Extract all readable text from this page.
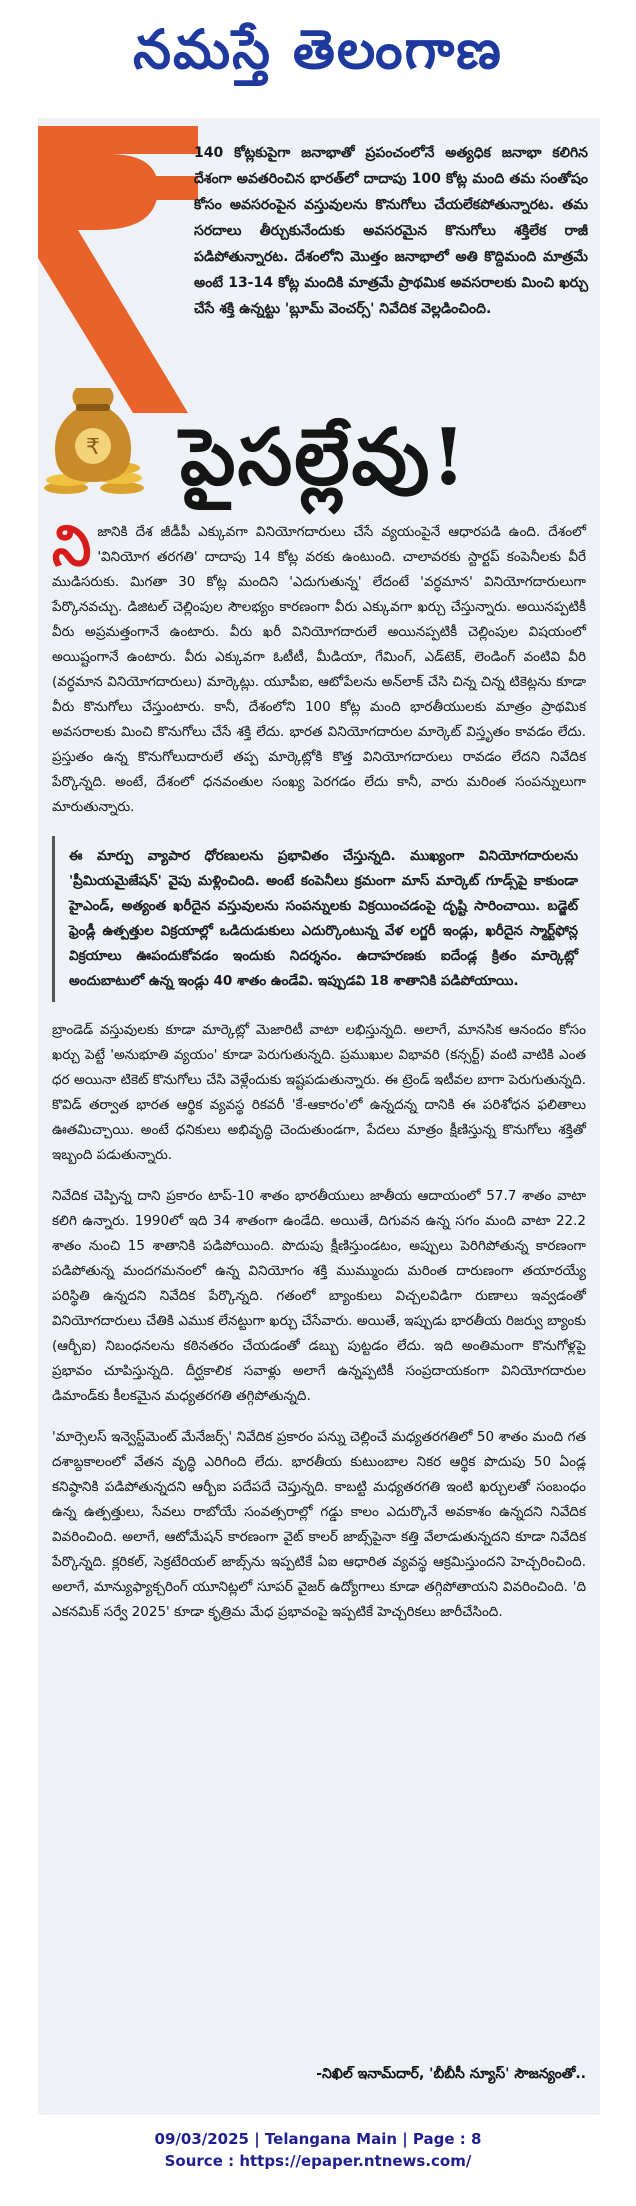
నమస్తే తెలంగాణ
140 కోట్లకుపైగా జనాభాతో ప్రపంచంలోనే అత్యధిక జనాభా కలిగిన దేశంగా అవతరించిన భారత్‌లో దాదాపు 100 కోట్ల మంది తమ సంతోషం కోసం అవసరంపైన వస్తువులను కొనుగోలు చేయలేకపోతున్నారట. తమ సరదాలు తీర్చుకునేందుకు అవసరమైన కొనుగోలు శక్తిలేక రాజీ పడిపోతున్నారట. దేశంలోని మొత్తం జనాభాలో అతి కొద్దిమంది మాత్రమే అంటే 13-14 కోట్ల మందికి మాత్రమే ప్రాథమిక అవసరాలకు మించి ఖర్చు చేసే శక్తి ఉన్నట్టు 'బ్లూమ్ వెంచర్స్' నివేదిక వెల్లడించింది.
₹ పైసల్లేవు!

నిజానికి దేశ జీడీపీ ఎక్కువగా వినియోగదారులు చేసే వ్యయంపైనే ఆధారపడి ఉంది. దేశంలో 'వినియోగ తరగతి' దాదాపు 14 కోట్ల వరకు ఉంటుంది. చాలావరకు స్టార్టప్ కంపెనీలకు వీరే ముడిసరుకు. మిగతా 30 కోట్ల మందిని 'ఎదుగుతున్న' లేదంటే 'వర్ధమాన' వినియోగదారులుగా పేర్కొనవచ్చు. డిజిటల్ చెల్లింపుల సౌలభ్యం కారణంగా వీరు ఎక్కువగా ఖర్చు చేస్తున్నారు. అయినప్పటికీ వీరు అప్రమత్తంగానే ఉంటారు. వీరు ఖరీ వినియోగదారులే అయినప్పటికీ చెల్లింపుల విషయంలో అయిష్టంగానే ఉంటారు. వీరు ఎక్కువగా ఓటీటీ, మీడియా, గేమింగ్, ఎడ్‌టెక్, లెండింగ్ వంటివి వీరి (వర్ధమాన వినియోగదారులు) మార్కెట్లు. యూపీఐ, ఆటోపేలను అన్‌లాక్ చేసి చిన్న చిన్న టికెట్లను కూడా వీరు కొనుగోలు చేస్తుంటారు. కానీ, దేశంలోని 100 కోట్ల మంది భారతీయులకు మాత్రం ప్రాథమిక అవసరాలకు మించి కొనుగోలు చేసే శక్తి లేదు. భారత వినియోగదారుల మార్కెట్ విస్తృతం కావడం లేదు. ప్రస్తుతం ఉన్న కొనుగోలుదారులే తప్ప మార్కెట్లోకి కొత్త వినియోగదారులు రావడం లేదని నివేదిక పేర్కొన్నది. అంటే, దేశంలో ధనవంతుల సంఖ్య పెరగడం లేదు కానీ, వారు మరింత సంపన్నులుగా మారుతున్నారు.

ఈ మార్పు వ్యాపార ధోరణులను ప్రభావితం చేస్తున్నది. ముఖ్యంగా వినియోగదారులను 'ప్రీమియమైజేషన్' వైపు మళ్లించింది. అంటే కంపెనీలు క్రమంగా మాస్ మార్కెట్ గూడ్స్‌పై కాకుండా హైఎండ్, అత్యంత ఖరీదైన వస్తువులను సంపన్నులకు విక్రయించడంపై దృష్టి సారించాయి. బడ్జెట్ ఫ్రెండ్లీ ఉత్పత్తుల విక్రయాల్లో ఒడిదుడుకులు ఎదుర్కొంటున్న వేళ లగ్జరీ ఇండ్లు, ఖరీదైన స్మార్ట్‌ఫోన్ల విక్రయాలు ఊపందుకోవడం ఇందుకు నిదర్శనం. ఉదాహరణకు ఐదేండ్ల క్రితం మార్కెట్లో అందుబాటులో ఉన్న ఇండ్లు 40 శాతం ఉండేవి. ఇప్పుడవి 18 శాతానికి పడిపోయాయి.

బ్రాండెడ్ వస్తువులకు కూడా మార్కెట్లో మెజారిటీ వాటా లభిస్తున్నది. అలాగే, మానసిక ఆనందం కోసం ఖర్చు పెట్టే 'అనుభూతి వ్యయం' కూడా పెరుగుతున్నది. ప్రముఖుల విభావరి (కన్సర్ట్) వంటి వాటికి ఎంత ధర అయినా టికెట్ కొనుగోలు చేసి వెళ్లేందుకు ఇష్టపడుతున్నారు. ఈ ట్రెండ్ ఇటీవల బాగా పెరుగుతున్నది. కొవిడ్ తర్వాత భారత ఆర్థిక వ్యవస్థ రికవరీ 'కే-ఆకారం'లో ఉన్నదన్న దానికి ఈ పరిశోధన ఫలితాలు ఊతమిచ్చాయి. అంటే ధనికులు అభివృద్ధి చెందుతుండగా, పేదలు మాత్రం క్షీణిస్తున్న కొనుగోలు శక్తితో ఇబ్బంది పడుతున్నారు.

నివేదిక చెప్పిన్న దాని ప్రకారం టాప్-10 శాతం భారతీయులు జాతీయ ఆదాయంలో 57.7 శాతం వాటా కలిగి ఉన్నారు. 1990లో ఇది 34 శాతంగా ఉండేది. అయితే, దిగువన ఉన్న సగం మంది వాటా 22.2 శాతం నుంచి 15 శాతానికి పడిపోయింది. పొదుపు క్షీణిస్తుండటం, అప్పులు పెరిగిపోతున్న కారణంగా పడిపోతున్న మందగమనంలో ఉన్న వినియోగం శక్తి ముమ్ముందు మరింత దారుణంగా తయారయ్యే పరిస్థితి ఉన్నదని నివేదిక పేర్కొన్నది. గతంలో బ్యాంకులు విచ్చలవిడిగా రుణాలు ఇవ్వడంతో వినియోగదారులు చేతికి ఎముక లేనట్టుగా ఖర్చు చేసేవారు. అయితే, ఇప్పుడు భారతీయ రిజర్వు బ్యాంకు (ఆర్బీఐ) నిబంధనలను కఠినతరం చేయడంతో డబ్బు పుట్టడం లేదు. ఇది అంతిమంగా కొనుగోళ్లపై ప్రభావం చూపిస్తున్నది. దీర్ఘకాలిక సవాళ్లు అలాగే ఉన్నప్పటికీ సంప్రదాయకంగా వినియోగదారుల డిమాండ్‌కు కీలకమైన మధ్యతరగతి తగ్గిపోతున్నది.

'మార్సెలస్ ఇన్వెస్ట్‌మెంట్ మేనేజర్స్' నివేదిక ప్రకారం పన్ను చెల్లించే మధ్యతరగతిలో 50 శాతం మంది గత దశాబ్దకాలంలో వేతన వృద్ధి ఎరిగింది లేదు. భారతీయ కుటుంబాల నికర ఆర్థిక పొదుపు 50 ఏండ్ల కనిష్ఠానికి పడిపోతున్నదని ఆర్బీఐ పదేపదే చెప్తున్నది. కాబట్టి మధ్యతరగతి ఇంటి ఖర్చులతో సంబంధం ఉన్న ఉత్పత్తులు, సేవలు రాబోయే సంవత్సరాల్లో గడ్డు కాలం ఎదుర్కొనే అవకాశం ఉన్నదని నివేదిక వివరించింది. అలాగే, ఆటోమేషన్ కారణంగా వైట్ కాలర్ జాబ్స్‌పైనా కత్తి వేలాడుతున్నదని కూడా నివేదిక పేర్కొన్నది. క్లరికల్, సెక్రటేరియల్ జాబ్స్‌ను ఇప్పటికే ఏఐ ఆధారిత వ్యవస్థ ఆక్రమిస్తుందని హెచ్చరించింది. అలాగే, మాన్యుఫ్యాక్చరింగ్ యూనిట్లలో సూపర్ వైజర్ ఉద్యోగాలు కూడా తగ్గిపోతాయని వివరించింది. 'ది ఎకనమిక్ సర్వే 2025' కూడా కృత్రిమ మేధ ప్రభావంపై ఇప్పటికే హెచ్చరికలు జారీచేసింది.

-నిఖిల్ ఇనామ్‌దార్, 'బీబీసీ న్యూస్' సౌజన్యంతో..
09/03/2025 | Telangana Main | Page : 8
Source : https://epaper.ntnews.com/
